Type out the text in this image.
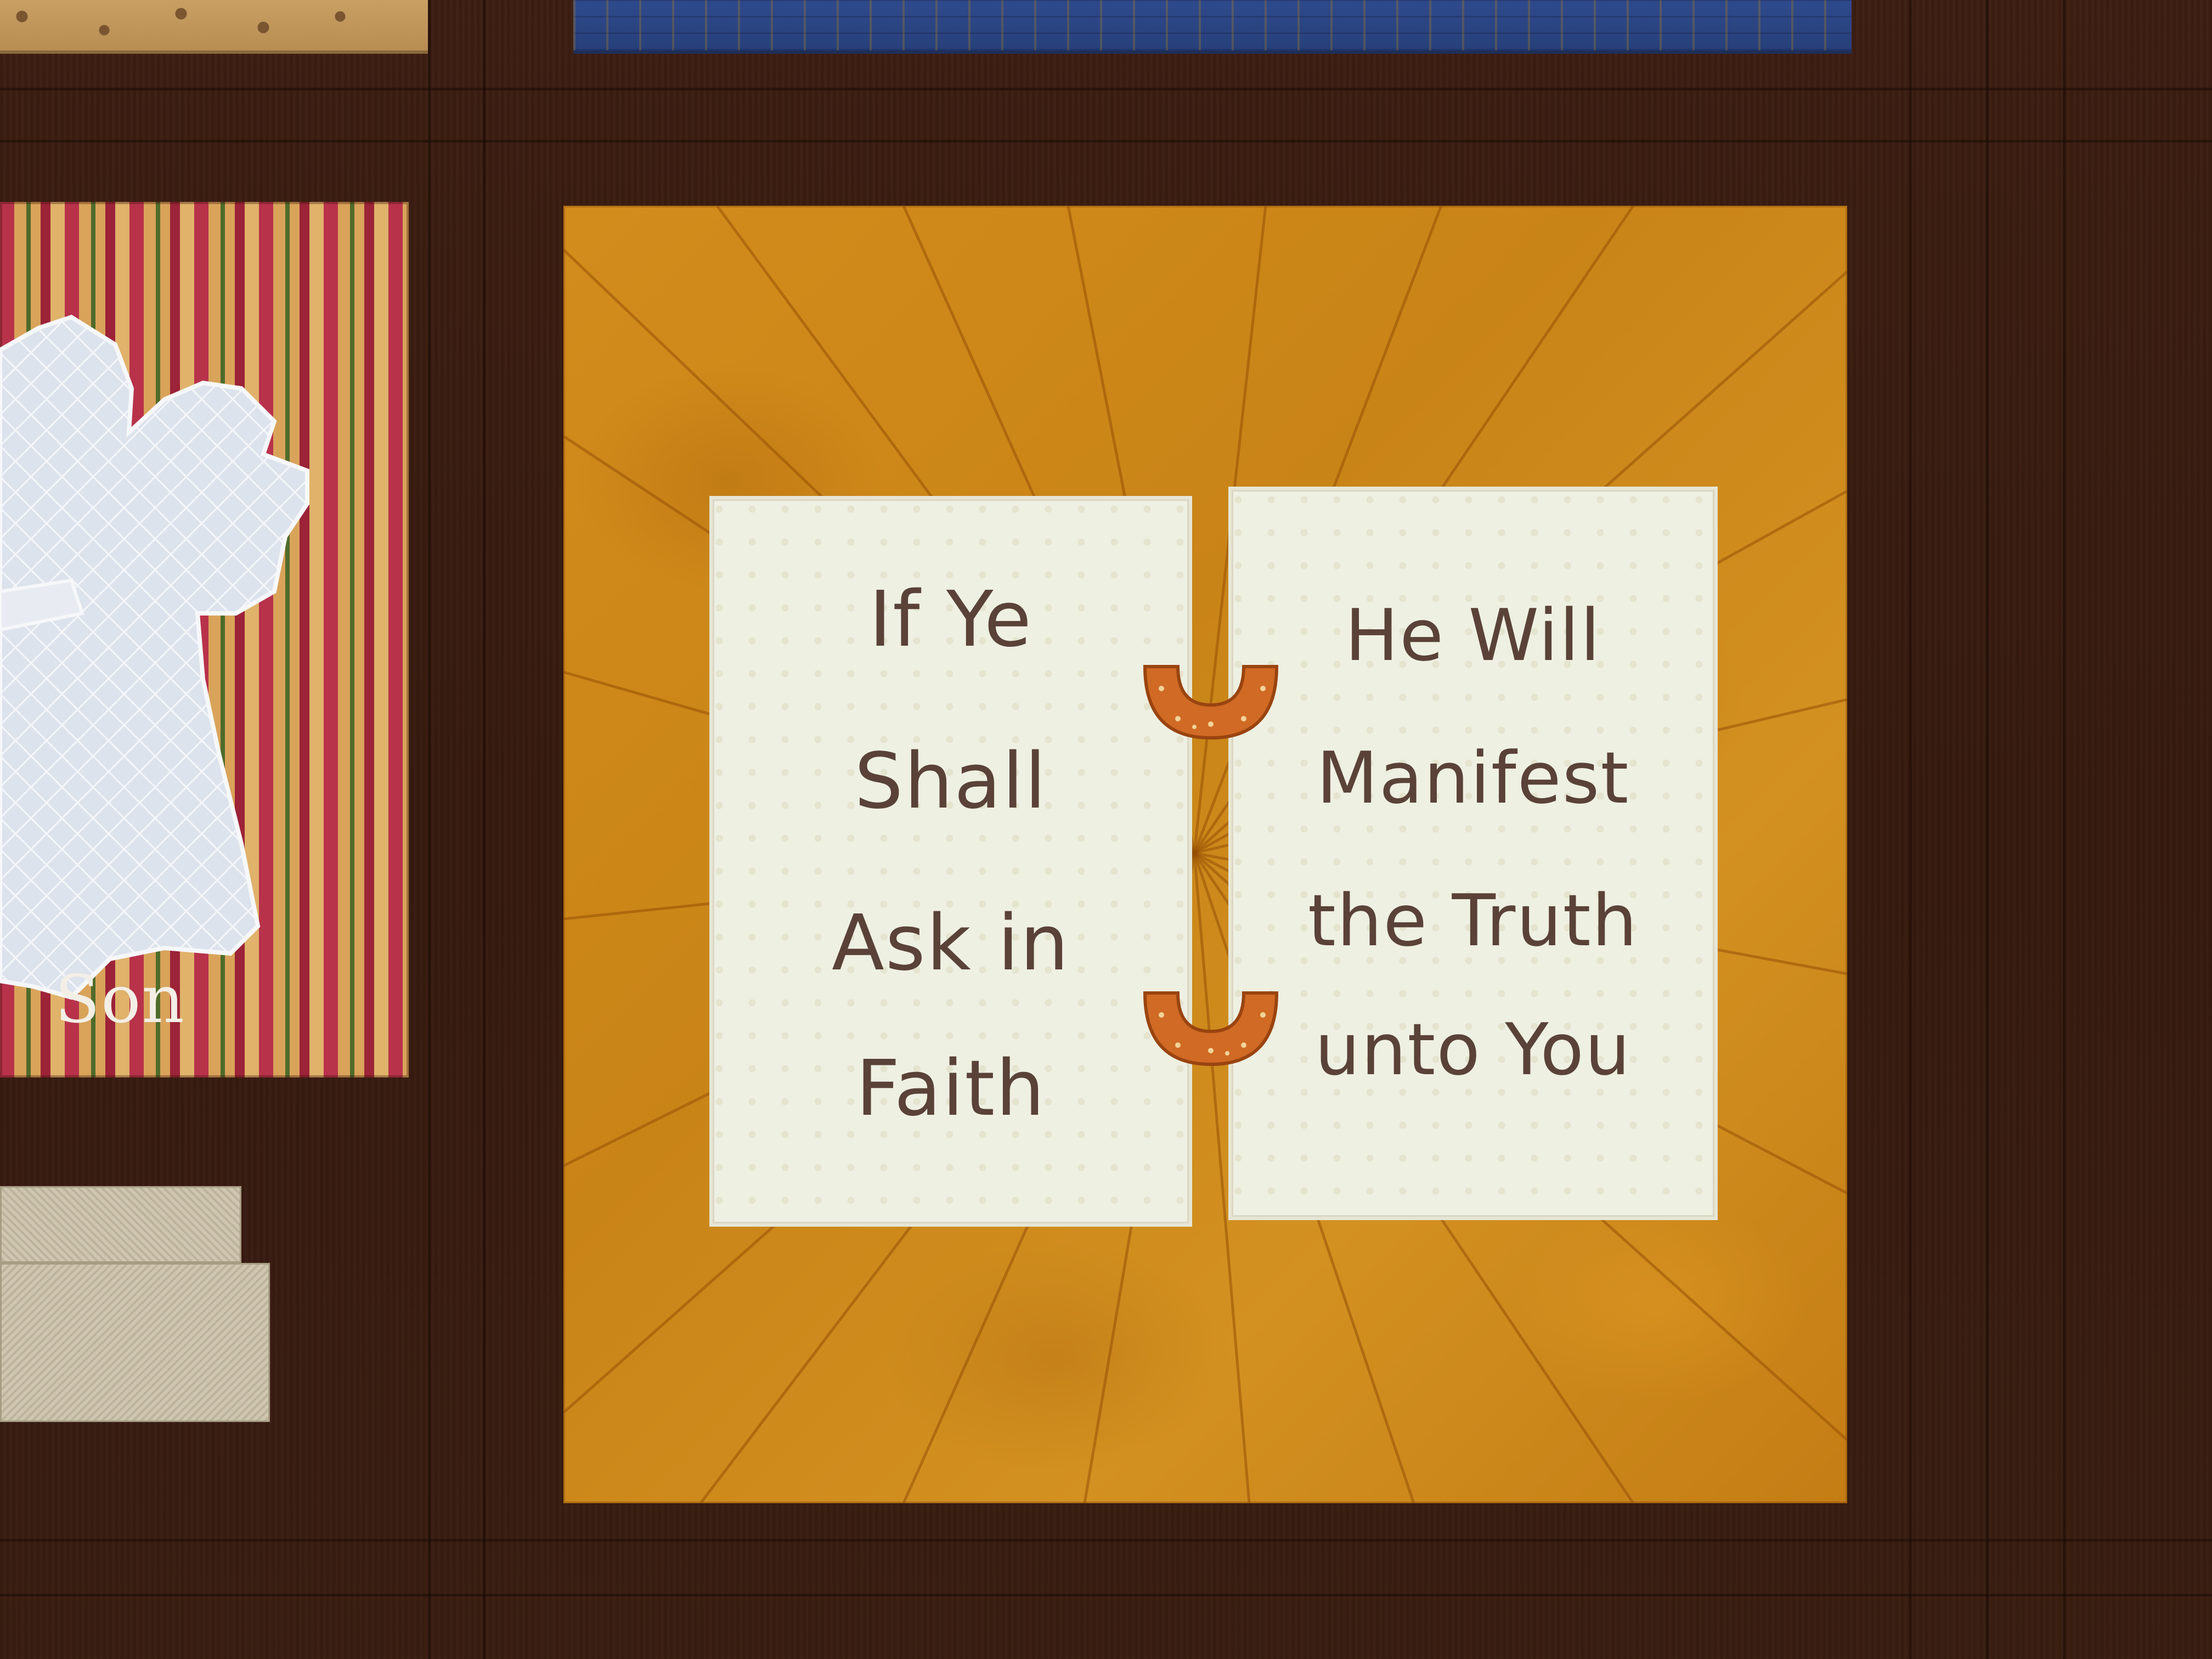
Son
If Ye
Shall
Ask in
Faith
He Will
Manifest
the Truth
unto You
